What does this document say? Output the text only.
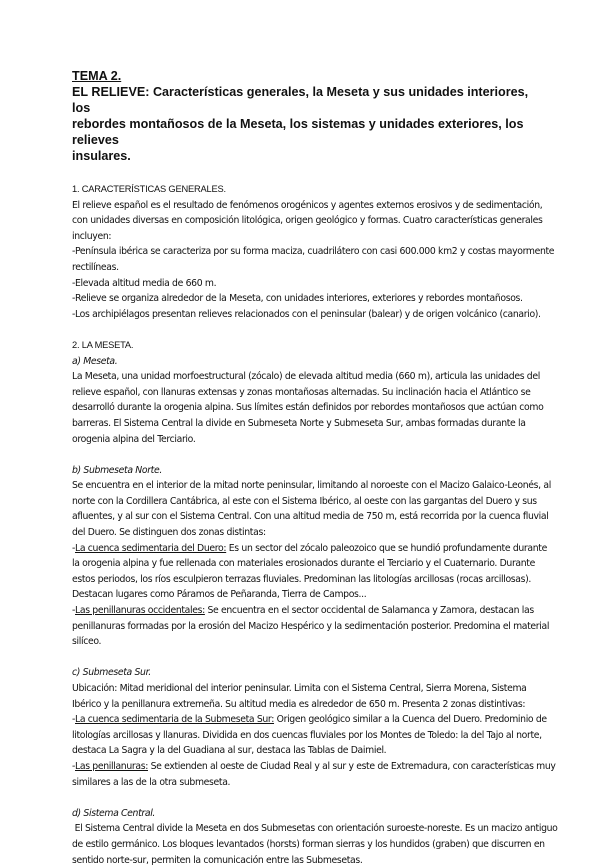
TEMA 2.

EL RELIEVE: Características generales, la Meseta y sus unidades interiores, los

rebordes montañosos de la Meseta, los sistemas y unidades exteriores, los relieves

insulares.

1. CARACTERÍSTICAS GENERALES.

El relieve español es el resultado de fenómenos orogénicos y agentes externos erosivos y de sedimentación,

con unidades diversas en composición litológica, origen geológico y formas. Cuatro características generales

incluyen:

-Península ibérica se caracteriza por su forma maciza, cuadrilátero con casi 600.000 km2 y costas mayormente

rectilíneas.

-Elevada altitud media de 660 m.

-Relieve se organiza alrededor de la Meseta, con unidades interiores, exteriores y rebordes montañosos.

-Los archipiélagos presentan relieves relacionados con el peninsular (balear) y de origen volcánico (canario).

2. LA MESETA.

a) Meseta.

La Meseta, una unidad morfoestructural (zócalo) de elevada altitud media (660 m), articula las unidades del

relieve español, con llanuras extensas y zonas montañosas alternadas. Su inclinación hacia el Atlántico se

desarrolló durante la orogenia alpina. Sus límites están definidos por rebordes montañosos que actúan como

barreras. El Sistema Central la divide en Submeseta Norte y Submeseta Sur, ambas formadas durante la

orogenia alpina del Terciario.

b) Submeseta Norte.

Se encuentra en el interior de la mitad norte peninsular, limitando al noroeste con el Macizo Galaico-Leonés, al

norte con la Cordillera Cantábrica, al este con el Sistema Ibérico, al oeste con las gargantas del Duero y sus

afluentes, y al sur con el Sistema Central. Con una altitud media de 750 m, está recorrida por la cuenca fluvial

del Duero. Se distinguen dos zonas distintas:

-La cuenca sedimentaria del Duero: Es un sector del zócalo paleozoico que se hundió profundamente durante

la orogenia alpina y fue rellenada con materiales erosionados durante el Terciario y el Cuaternario. Durante

estos periodos, los ríos esculpieron terrazas fluviales. Predominan las litologías arcillosas (rocas arcillosas).

Destacan lugares como Páramos de Peñaranda, Tierra de Campos...

-Las penillanuras occidentales: Se encuentra en el sector occidental de Salamanca y Zamora, destacan las

penillanuras formadas por la erosión del Macizo Hespérico y la sedimentación posterior. Predomina el material

silíceo.

c) Submeseta Sur.

Ubicación: Mitad meridional del interior peninsular. Limita con el Sistema Central, Sierra Morena, Sistema

Ibérico y la penillanura extremeña. Su altitud media es alrededor de 650 m. Presenta 2 zonas distintivas:

-La cuenca sedimentaria de la Submeseta Sur: Origen geológico similar a la Cuenca del Duero. Predominio de

litologías arcillosas y llanuras. Dividida en dos cuencas fluviales por los Montes de Toledo: la del Tajo al norte,

destaca La Sagra y la del Guadiana al sur, destaca las Tablas de Daimiel.

-Las penillanuras: Se extienden al oeste de Ciudad Real y al sur y este de Extremadura, con características muy

similares a las de la otra submeseta.

d) Sistema Central.

El Sistema Central divide la Meseta en dos Submesetas con orientación suroeste-noreste. Es un macizo antiguo

de estilo germánico. Los bloques levantados (horsts) forman sierras y los hundidos (graben) que discurren en

sentido norte-sur, permiten la comunicación entre las Submesetas.
